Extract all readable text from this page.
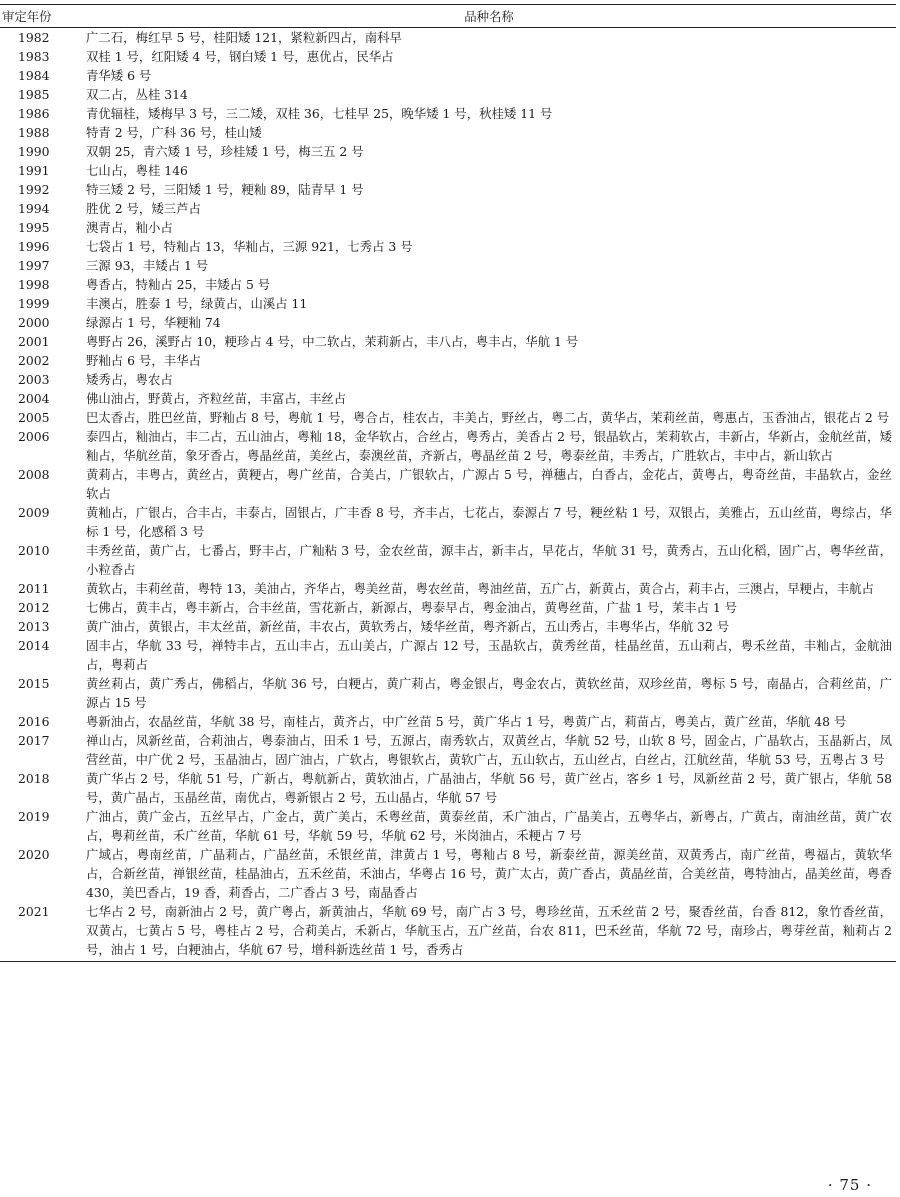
审定年份	品种名称
1982	广二石，梅红早 5 号，桂阳矮 121，紧粒新四占，南科早
1983	双桂 1 号，红阳矮 4 号，钢白矮 1 号，惠优占，民华占
1984	青华矮 6 号
1985	双二占，丛桂 314
1986	青优辐桂，矮梅早 3 号，三二矮，双桂 36，七桂早 25，晚华矮 1 号，秋桂矮 11 号
1988	特青 2 号，广科 36 号，桂山矮
1990	双朝 25，青六矮 1 号，珍桂矮 1 号，梅三五 2 号
1991	七山占，粤桂 146
1992	特三矮 2 号，三阳矮 1 号，粳籼 89，陆青早 1 号
1994	胜优 2 号，矮三芦占
1995	澳青占，籼小占
1996	七袋占 1 号，特籼占 13，华籼占，三源 921，七秀占 3 号
1997	三源 93，丰矮占 1 号
1998	粤香占，特籼占 25，丰矮占 5 号
1999	丰澳占，胜泰 1 号，绿黄占，山溪占 11
2000	绿源占 1 号，华粳籼 74
2001	粤野占 26，溪野占 10，粳珍占 4 号，中二软占，茉莉新占，丰八占，粤丰占，华航 1 号
2002	野籼占 6 号，丰华占
2003	矮秀占，粤农占
2004	佛山油占，野黄占，齐粒丝苗，丰富占，丰丝占
2005	巴太香占，胜巴丝苗，野籼占 8 号，粤航 1 号，粤合占，桂农占，丰美占，野丝占，粤二占，黄华占，茉莉丝苗，粤惠占，玉香油占，银花占 2 号
2006	泰四占，籼油占，丰二占，五山油占，粤籼 18，金华软占，合丝占，粤秀占，美香占 2 号，银晶软占，茉莉软占，丰新占，华新占，金航丝苗，矮籼占，华航丝苗，象牙香占，粤晶丝苗，美丝占，泰澳丝苗，齐新占，粤晶丝苗 2 号，粤泰丝苗，丰秀占，广胜软占，丰中占，新山软占
2008	黄莉占，丰粤占，黄丝占，黄粳占，粤广丝苗，合美占，广银软占，广源占 5 号，禅穗占，白香占，金花占，黄粤占，粤奇丝苗，丰晶软占，金丝软占
2009	黄籼占，广银占，合丰占，丰泰占，固银占，广丰香 8 号，齐丰占，七花占，泰源占 7 号，粳丝粘 1 号，双银占，美雅占，五山丝苗，粤综占，华标 1 号，化感稻 3 号
2010	丰秀丝苗，黄广占，七番占，野丰占，广籼粘 3 号，金农丝苗，源丰占，新丰占，早花占，华航 31 号，黄秀占，五山化稻，固广占，粤华丝苗，小粒香占
2011	黄软占，丰莉丝苗，粤特 13，美油占，齐华占，粤美丝苗，粤农丝苗，粤油丝苗，五广占，新黄占，黄合占，莉丰占，三澳占，早粳占，丰航占
2012	七佛占，黄丰占，粤丰新占，合丰丝苗，雪花新占，新源占，粤泰早占，粤金油占，黄粤丝苗，广盐 1 号，茉丰占 1 号
2013	黄广油占，黄银占，丰太丝苗，新丝苗，丰农占，黄软秀占，矮华丝苗，粤齐新占，五山秀占，丰粤华占，华航 32 号
2014	固丰占，华航 33 号，禅特丰占，五山丰占，五山美占，广源占 12 号，玉晶软占，黄秀丝苗，桂晶丝苗，五山莉占，粤禾丝苗，丰籼占，金航油占，粤莉占
2015	黄丝莉占，黄广秀占，佛稻占，华航 36 号，白粳占，黄广莉占，粤金银占，粤金农占，黄软丝苗，双珍丝苗，粤标 5 号，南晶占，合莉丝苗，广源占 15 号
2016	粤新油占，农晶丝苗，华航 38 号，南桂占，黄齐占，中广丝苗 5 号，黄广华占 1 号，粤黄广占，莉苗占，粤美占，黄广丝苗，华航 48 号
2017	禅山占，凤新丝苗，合莉油占，粤泰油占，田禾 1 号，五源占，南秀软占，双黄丝占，华航 52 号，山软 8 号，固金占，广晶软占，玉晶新占，凤营丝苗，中广优 2 号，玉晶油占，固广油占，广软占，粤银软占，黄软广占，五山软占，五山丝占，白丝占，江航丝苗，华航 53 号，五粤占 3 号
2018	黄广华占 2 号，华航 51 号，广新占，粤航新占，黄软油占，广晶油占，华航 56 号，黄广丝占，客乡 1 号，凤新丝苗 2 号，黄广银占，华航 58 号，黄广晶占，玉晶丝苗，南优占，粤新银占 2 号，五山晶占，华航 57 号
2019	广油占，黄广金占，五丝早占，广金占，黄广美占，禾粤丝苗，黄泰丝苗，禾广油占，广晶美占，五粤华占，新粤占，广黄占，南油丝苗，黄广农占，粤莉丝苗，禾广丝苗，华航 61 号，华航 59 号，华航 62 号，米岗油占，禾粳占 7 号
2020	广域占，粤南丝苗，广晶莉占，广晶丝苗，禾银丝苗，津黄占 1 号，粤籼占 8 号，新泰丝苗，源美丝苗，双黄秀占，南广丝苗，粤福占，黄软华占，合新丝苗，禅银丝苗，桂晶油占，五禾丝苗，禾油占，华粤占 16 号，黄广太占，黄广香占，黄晶丝苗，合美丝苗，粤特油占，晶美丝苗，粤香 430，美巴香占，19 香，莉香占，二广香占 3 号，南晶香占
2021	七华占 2 号，南新油占 2 号，黄广粤占，新黄油占，华航 69 号，南广占 3 号，粤珍丝苗，五禾丝苗 2 号，聚香丝苗，台香 812，象竹香丝苗，双黄占，七黄占 5 号，粤桂占 2 号，合莉美占，禾新占，华航玉占，五广丝苗，台农 811，巴禾丝苗，华航 72 号，南珍占，粤芽丝苗，籼莉占 2 号，油占 1 号，白粳油占，华航 67 号，增科新选丝苗 1 号，香秀占
· 75 ·
